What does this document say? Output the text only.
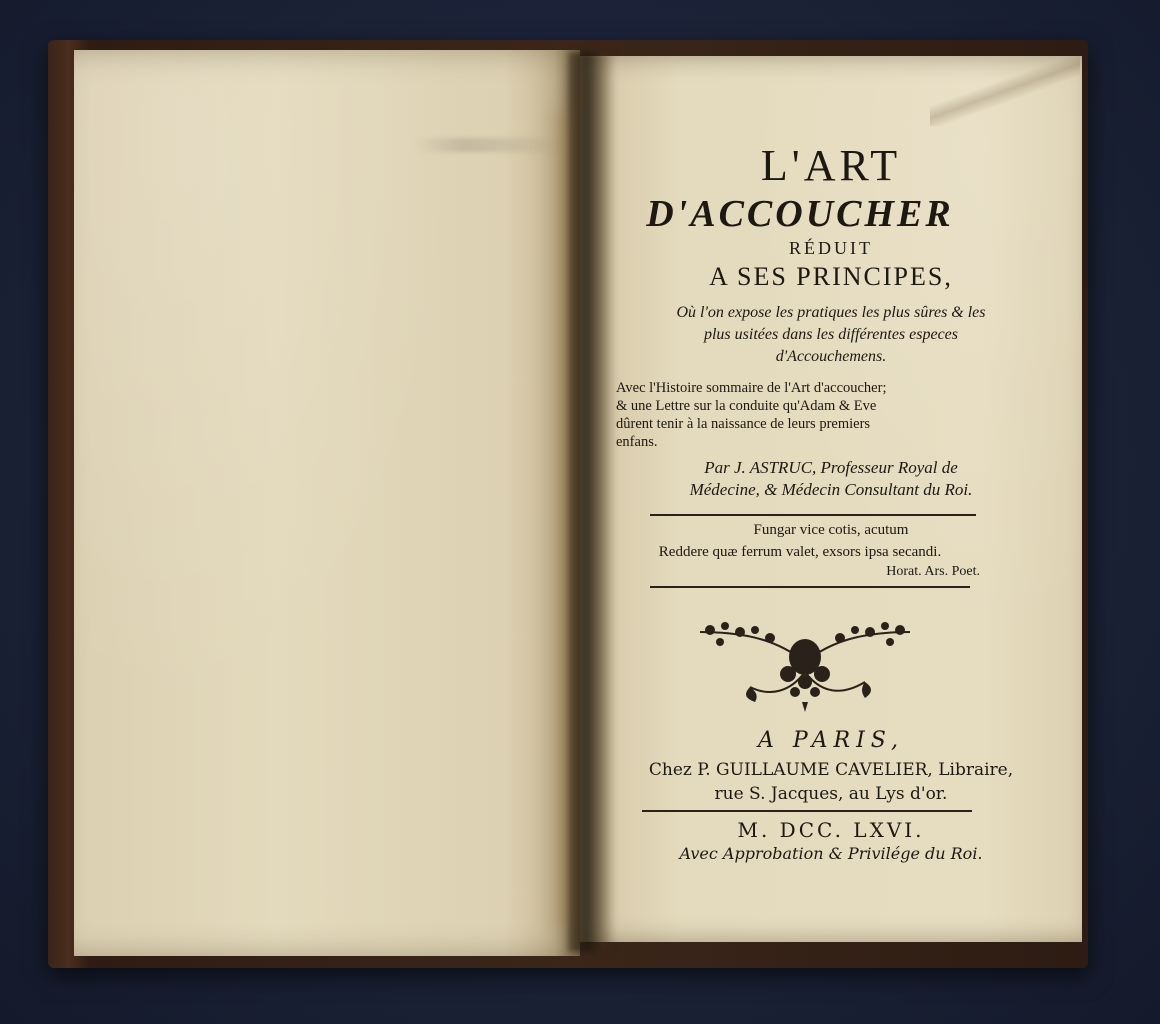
L'ART
D'ACCOUCHER
RÉDUIT
A SES PRINCIPES,
Où l'on expose les pratiques les plus sûres & les
plus usitées dans les différentes especes
d'Accouchemens.
Avec l'Histoire sommaire de l'Art d'accoucher;
& une Lettre sur la conduite qu'Adam & Eve
dûrent tenir à la naissance de leurs premiers
enfans.
Par J. ASTRUC, Professeur Royal de
Médecine, & Médecin Consultant du Roi.
Fungar vice cotis, acutum
Reddere quæ ferrum valet, exsors ipsa secandi.
Horat. Ars. Poet.
A PARIS,
Chez P. GUILLAUME CAVELIER, Libraire,
rue S. Jacques, au Lys d'or.
M. DCC. LXVI.
Avec Approbation & Privilége du Roi.
